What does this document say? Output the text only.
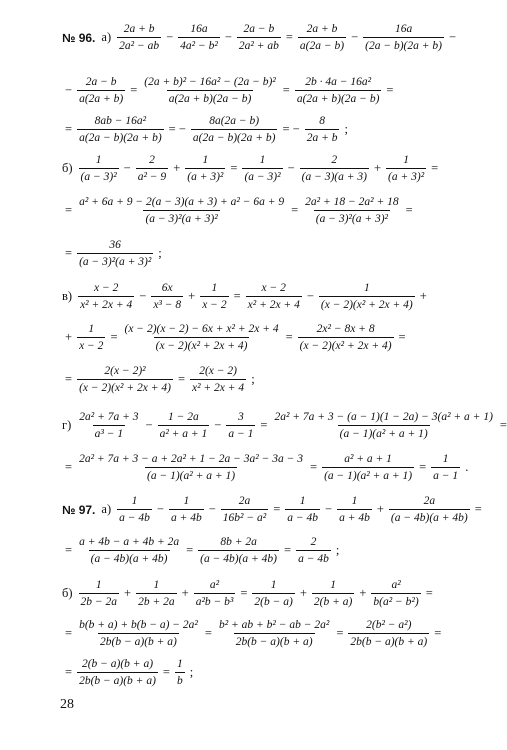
№ 96. $а) \frac{2a + b}{\text{2a² − ab}} - \frac{16a}{\text{4a² − b²}} - \frac{2a - b}{\text{2a² + ab}} = \frac{2a + b}{a(2a - b)} - \frac{16a}{(2a - b)(2a + b)}$ −
− $\frac{2a - b}{a(2a + b)} = \frac{\text{(2a + b)² − 16a² − (2a − b)²}}{a(2a + b)(2a - b)} = \frac{\text{2b · 4a − 16a²}}{a(2a + b)(2a - b)}$ =
= $\frac{\text{8ab − 16a²}}{a(2a - b)(2a + b)}$ = − $\frac{8a(2a - b)}{a(2a - b)(2a + b)}$ = − $\frac{8}{2a + b}$ ;
$б) \frac{1}{\text{(a − 3)²}} - \frac{2}{\text{a² − 9}} + \frac{1}{\text{(a + 3)²}} = \frac{1}{\text{(a − 3)²}} - \frac{2}{(a - 3)(a + 3)} + \frac{1}{\text{(a + 3)²}}$ =
= $\frac{\text{a² + 6a + 9 − 2(a − 3)(a + 3) + a² − 6a + 9}}{\text{(a − 3)²(a + 3)²}} = \frac{\text{2a² + 18 − 2a² + 18}}{\text{(a − 3)²(a + 3)²}}$ =
= $\frac{36}{\text{(a − 3)²(a + 3)²}}$ ;
$в) \frac{x - 2}{\text{x² + 2x + 4}} - \frac{6x}{\text{x³ − 8}} + \frac{1}{x - 2} = \frac{x - 2}{\text{x² + 2x + 4}} - \frac{1}{\text{(x − 2)(x² + 2x + 4)}}$ +
+ $\frac{1}{x - 2} = \frac{\text{(x − 2)(x − 2) − 6x + x² + 2x + 4}}{\text{(x − 2)(x² + 2x + 4)}} = \frac{\text{2x² − 8x + 8}}{\text{(x − 2)(x² + 2x + 4)}}$ =
= $\frac{\text{2(x − 2)²}}{\text{(x − 2)(x² + 2x + 4)}} = \frac{2(x - 2)}{\text{x² + 2x + 4}}$ ;
$г) \frac{\text{2a² + 7a + 3}}{\text{a³ − 1}} - \frac{1 - 2a}{\text{a² + a + 1}} - \frac{3}{a - 1} = \frac{\text{2a² + 7a + 3 − (a − 1)(1 − 2a) − 3(a² + a + 1)}}{\text{(a − 1)(a² + a + 1)}}$ =
= $\frac{\text{2a² + 7a + 3 − a + 2a² + 1 − 2a − 3a² − 3a − 3}}{\text{(a − 1)(a² + a + 1)}} = \frac{\text{a² + a + 1}}{\text{(a − 1)(a² + a + 1)}} = \frac{1}{a - 1}$ .
№ 97. $а) \frac{1}{a - 4b} - \frac{1}{a + 4b} - \frac{2a}{\text{16b² − a²}} = \frac{1}{a - 4b} - \frac{1}{a + 4b} + \frac{2a}{(a - 4b)(a + 4b)}$ =
= $\frac{a + 4b - a + 4b + 2a}{(a - 4b)(a + 4b)} = \frac{8b + 2a}{(a - 4b)(a + 4b)} = \frac{2}{a - 4b}$ ;
$б) \frac{1}{2b - 2a} + \frac{1}{2b + 2a} + \frac{\text{a²}}{\text{a²b − b³}} = \frac{1}{2(b - a)} + \frac{1}{2(b + a)} + \frac{\text{a²}}{\text{b(a² − b²)}}$ =
= $\frac{\text{b(b + a) + b(b − a) − 2a²}}{2b(b - a)(b + a)} = \frac{\text{b² + ab + b² − ab − 2a²}}{2b(b - a)(b + a)} = \frac{\text{2(b² − a²)}}{2b(b - a)(b + a)}$ =
= $\frac{2(b - a)(b + a)}{2b(b - a)(b + a)} = \frac{1}{b}$ ;
28
